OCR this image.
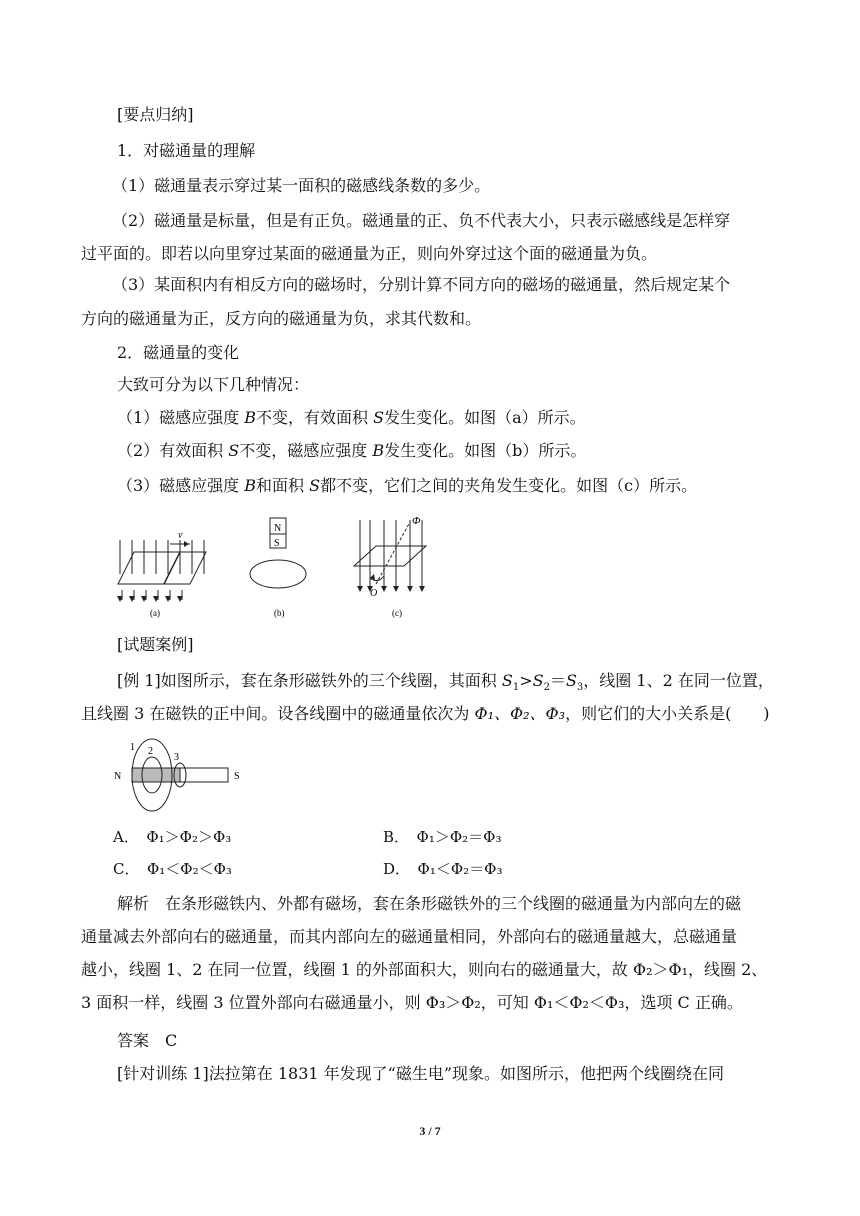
[要点归纳]
1．对磁通量的理解
（1）磁通量表示穿过某一面积的磁感线条数的多少。
（2）磁通量是标量，但是有正负。磁通量的正、负不代表大小，只表示磁感线是怎样穿
过平面的。即若以向里穿过某面的磁通量为正，则向外穿过这个面的磁通量为负。
（3）某面积内有相反方向的磁场时，分别计算不同方向的磁场的磁通量，然后规定某个
方向的磁通量为正，反方向的磁通量为负，求其代数和。
2．磁通量的变化
大致可分为以下几种情况：
（1）磁感应强度 B不变，有效面积 S发生变化。如图（a）所示。
（2）有效面积 S不变，磁感应强度 B发生变化。如图（b）所示。
（3）磁感应强度 B和面积 S都不变，它们之间的夹角发生变化。如图（c）所示。
v
(a)
N
S
(b)
Φ
O
(c)
[试题案例]
[例 1]如图所示，套在条形磁铁外的三个线圈，其面积 $S_1>S_2=S_3$，线圈 1、2 在同一位置，
且线圈 3 在磁铁的正中间。设各线圈中的磁通量依次为 Φ₁、Φ₂、Φ₃，则它们的大小关系是(　　)
N	S
1 2
3
A．　Φ₁＞Φ₂＞Φ₃	B．　Φ₁＞Φ₂＝Φ₃
C．　Φ₁＜Φ₂＜Φ₃	D．　Φ₁＜Φ₂＝Φ₃
解析　在条形磁铁内、外都有磁场，套在条形磁铁外的三个线圈的磁通量为内部向左的磁
通量减去外部向右的磁通量，而其内部向左的磁通量相同，外部向右的磁通量越大，总磁通量
越小，线圈 1、2 在同一位置，线圈 1 的外部面积大，则向右的磁通量大，故 Φ₂＞Φ₁，线圈 2、
3 面积一样，线圈 3 位置外部向右磁通量小，则 Φ₃＞Φ₂，可知 Φ₁＜Φ₂＜Φ₃，选项 C 正确。
答案　C
[针对训练 1]法拉第在 1831 年发现了“磁生电”现象。如图所示，他把两个线圈绕在同
3 / 7
